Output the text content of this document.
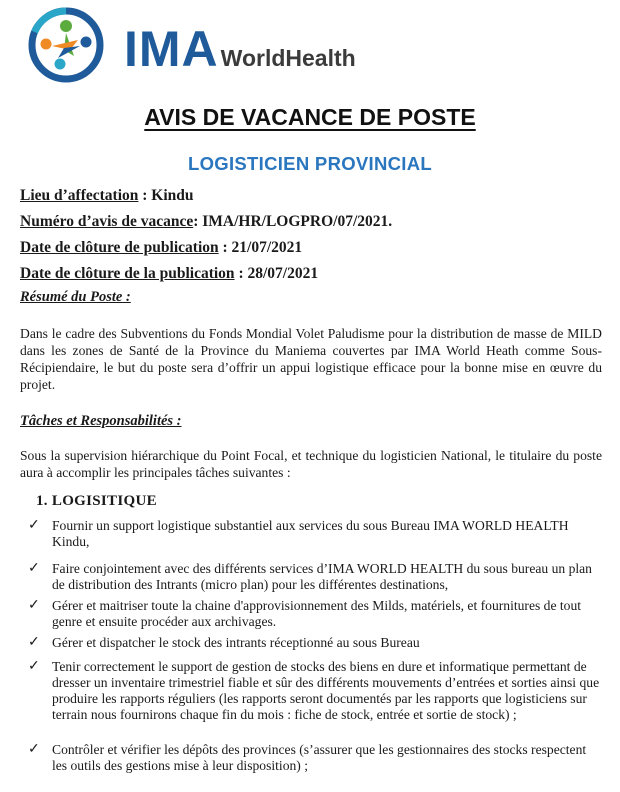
IMAWorldHealth
AVIS DE VACANCE DE POSTE
LOGISTICIEN PROVINCIAL
Lieu d’affectation : Kindu
Numéro d’avis de vacance: IMA/HR/LOGPRO/07/2021.
Date de clôture de publication : 21/07/2021
Date de clôture de la publication : 28/07/2021
Résumé du Poste :
Dans le cadre des Subventions du Fonds Mondial Volet Paludisme pour la distribution de masse de MILD dans les zones de Santé de la Province du Maniema couvertes par IMA World Heath comme Sous-Récipiendaire, le but du poste sera d’offrir un appui logistique efficace pour la bonne mise en œuvre du projet.
Tâches et Responsabilités :
Sous la supervision hiérarchique du Point Focal, et technique du logisticien National, le titulaire du poste aura à accomplir les principales tâches suivantes :
1. LOGISITIQUE
✓ Fournir un support logistique substantiel aux services du sous Bureau IMA WORLD HEALTH Kindu,
✓ Faire conjointement avec des différents services d’IMA WORLD HEALTH du sous bureau un plan de distribution des Intrants (micro plan) pour les différentes destinations,
✓ Gérer et maitriser toute la chaine d'approvisionnement des Milds, matériels, et fournitures de tout genre et ensuite procéder aux archivages.
✓ Gérer et dispatcher le stock des intrants réceptionné au sous Bureau
✓ Tenir correctement le support de gestion de stocks des biens en dure et informatique permettant de dresser un inventaire trimestriel fiable et sûr des différents mouvements d’entrées et sorties ainsi que produire les rapports réguliers (les rapports seront documentés par les rapports que logisticiens sur terrain nous fournirons chaque fin du mois : fiche de stock, entrée et sortie de stock) ;
✓ Contrôler et vérifier les dépôts des provinces (s’assurer que les gestionnaires des stocks respectent les outils des gestions mise à leur disposition) ;
